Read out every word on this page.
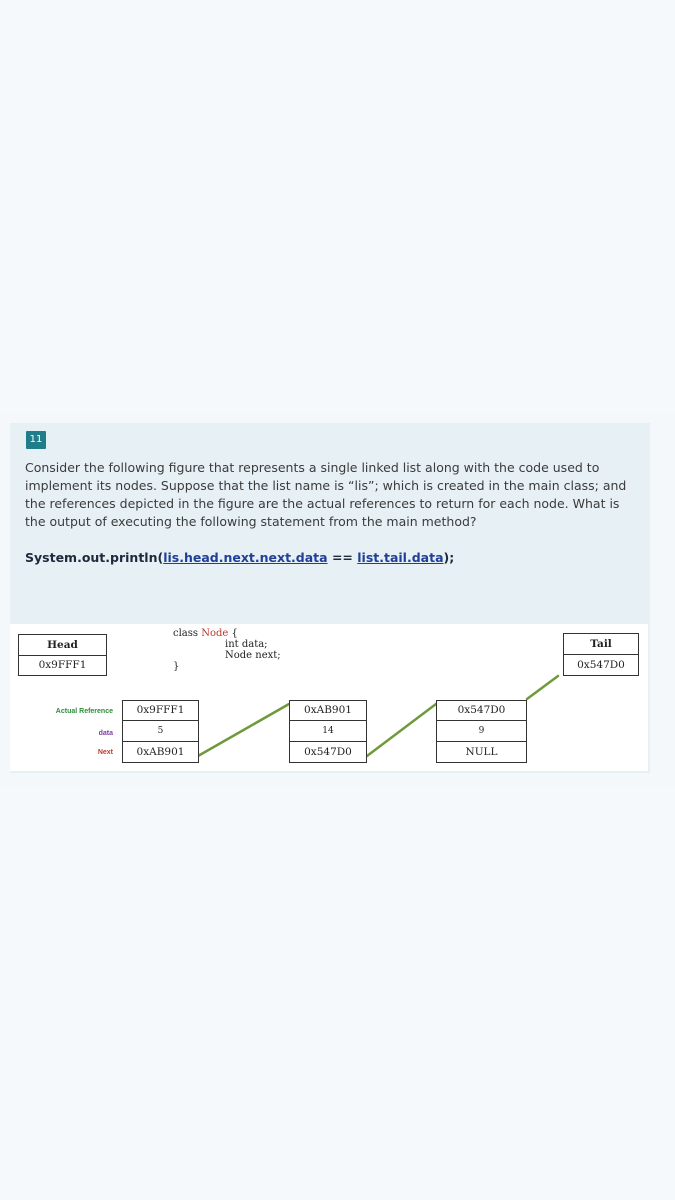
11

Consider the following figure that represents a single linked list along with the code used to implement its nodes. Suppose that the list name is “lis”; which is created in the main class; and the references depicted in the figure are the actual references to return for each node. What is the output of executing the following statement from the main method?

System.out.println(lis.head.next.next.data == list.tail.data);
Head
0x9FFF1
Tail
0x547D0
class Node {
int data;
Node next;
}
Actual Reference
data
Next
0x9FFF1
5
0xAB901
0xAB901
14
0x547D0
0x547D0
9
NULL
